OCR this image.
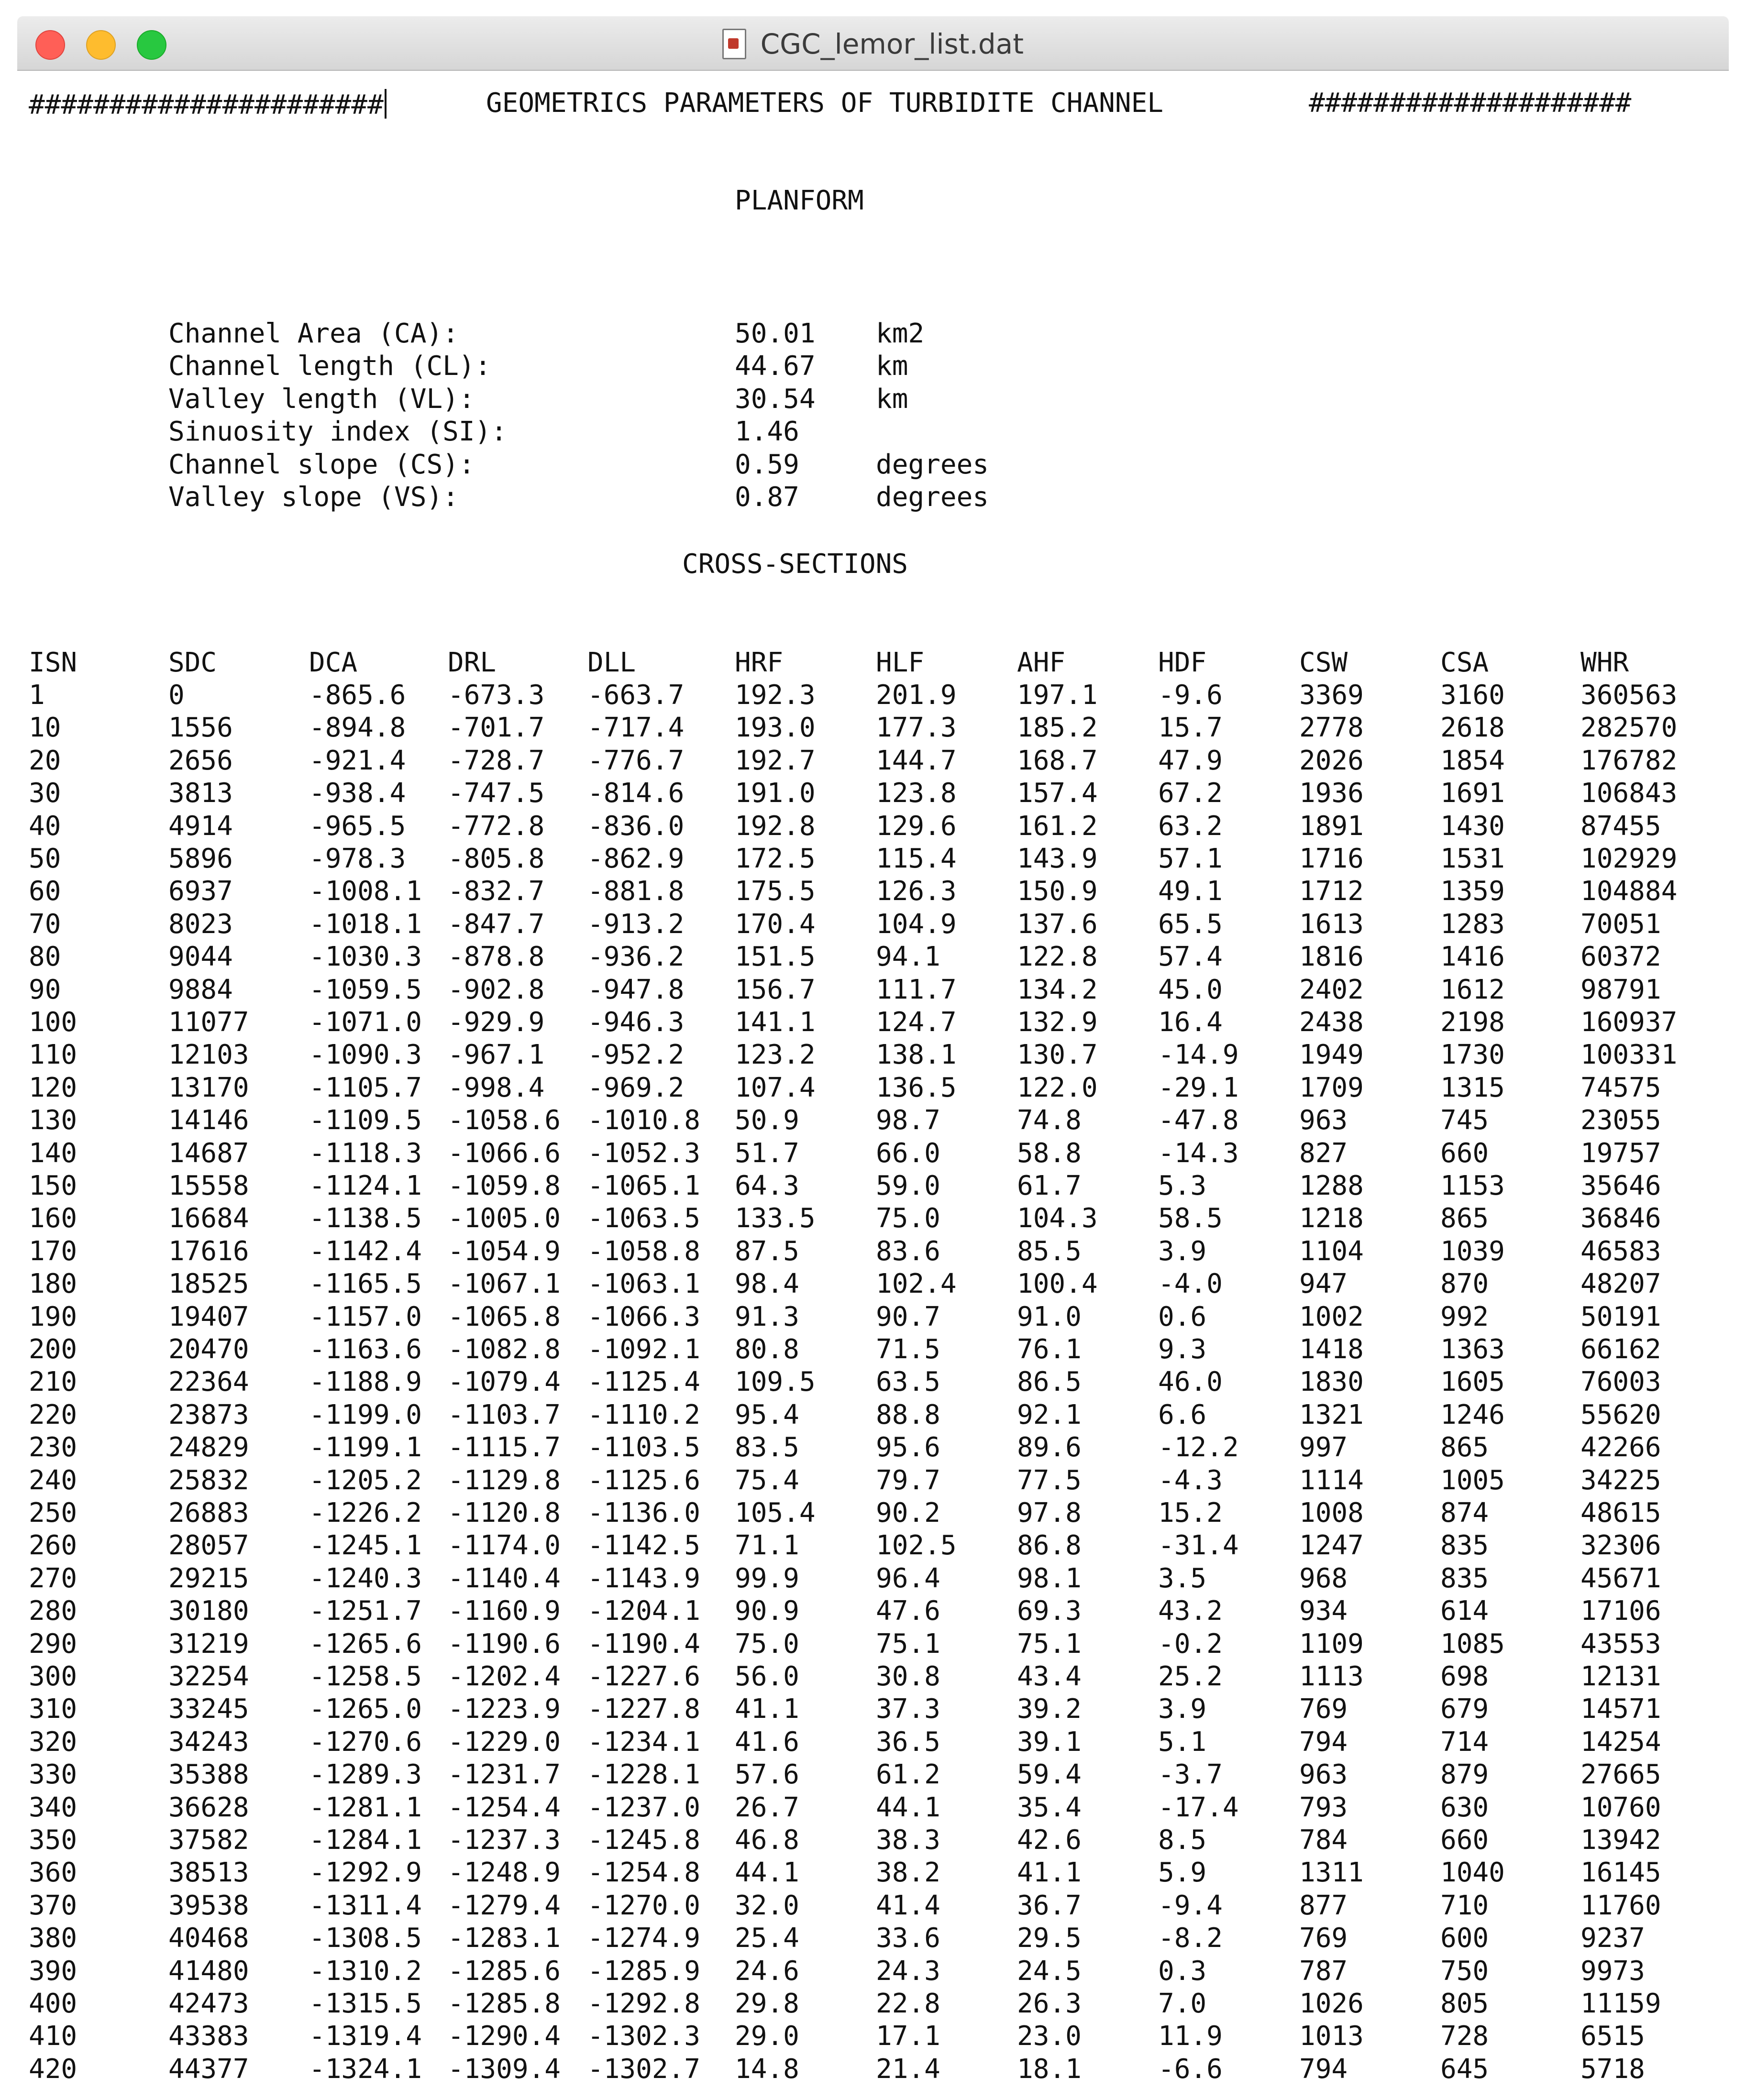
CGC_lemor_list.dat
######################	GEOMETRICS PARAMETERS OF TURBIDITE CHANNEL	####################
PLANFORM
Channel Area (CA):	50.01 km2
Channel length (CL):	44.67 km
Valley length (VL):	30.54 km
Sinuosity index (SI):	1.46
Channel slope (CS):	0.59	degrees
Valley slope (VS):	0.87	degrees
CROSS-SECTIONS
ISN	SDC	DCA	DRL	DLL	HRF	HLF	AHF	HDF	CSW	CSA	WHR
1	0	-865.6 -673.3 -663.7 192.3 201.9 197.1 -9.6	3369	3160	360563
10	1556	-894.8 -701.7 -717.4 193.0 177.3 185.2 15.7	2778	2618	282570
20	2656	-921.4 -728.7 -776.7 192.7 144.7 168.7 47.9	2026	1854	176782
30	3813	-938.4 -747.5 -814.6 191.0 123.8 157.4 67.2	1936	1691	106843
40	4914	-965.5 -772.8 -836.0 192.8 129.6 161.2 63.2	1891	1430	87455
50	5896	-978.3 -805.8 -862.9 172.5 115.4 143.9 57.1	1716	1531	102929
60	6937	-1008.1 -832.7 -881.8 175.5 126.3 150.9 49.1	1712	1359	104884
70	8023	-1018.1 -847.7 -913.2 170.4 104.9 137.6 65.5	1613	1283	70051
80	9044	-1030.3 -878.8 -936.2 151.5 94.1	122.8 57.4	1816	1416	60372
90	9884	-1059.5 -902.8 -947.8 156.7 111.7 134.2 45.0	2402	1612	98791
100	11077 -1071.0 -929.9 -946.3 141.1 124.7 132.9 16.4	2438	2198	160937
110	12103 -1090.3 -967.1 -952.2 123.2 138.1 130.7 -14.9 1949	1730	100331
120	13170 -1105.7 -998.4 -969.2 107.4 136.5 122.0 -29.1 1709	1315	74575
130	14146 -1109.5 -1058.6 -1010.8 50.9	98.7	74.8	-47.8 963	745	23055
140	14687 -1118.3 -1066.6 -1052.3 51.7	66.0	58.8	-14.3 827	660	19757
150	15558 -1124.1 -1059.8 -1065.1 64.3	59.0	61.7	5.3	1288	1153	35646
160	16684 -1138.5 -1005.0 -1063.5 133.5 75.0	104.3 58.5	1218	865	36846
170	17616 -1142.4 -1054.9 -1058.8 87.5	83.6	85.5	3.9	1104	1039	46583
180	18525 -1165.5 -1067.1 -1063.1 98.4	102.4 100.4 -4.0	947	870	48207
190	19407 -1157.0 -1065.8 -1066.3 91.3	90.7	91.0	0.6	1002	992	50191
200	20470 -1163.6 -1082.8 -1092.1 80.8	71.5	76.1	9.3	1418	1363	66162
210	22364 -1188.9 -1079.4 -1125.4 109.5 63.5	86.5	46.0	1830	1605	76003
220	23873 -1199.0 -1103.7 -1110.2 95.4	88.8	92.1	6.6	1321	1246	55620
230	24829 -1199.1 -1115.7 -1103.5 83.5	95.6	89.6	-12.2 997	865	42266
240	25832 -1205.2 -1129.8 -1125.6 75.4	79.7	77.5	-4.3	1114	1005	34225
250	26883 -1226.2 -1120.8 -1136.0 105.4 90.2	97.8	15.2	1008	874	48615
260	28057 -1245.1 -1174.0 -1142.5 71.1	102.5 86.8	-31.4 1247	835	32306
270	29215 -1240.3 -1140.4 -1143.9 99.9	96.4	98.1	3.5	968	835	45671
280	30180 -1251.7 -1160.9 -1204.1 90.9	47.6	69.3	43.2	934	614	17106
290	31219 -1265.6 -1190.6 -1190.4 75.0	75.1	75.1	-0.2	1109	1085	43553
300	32254 -1258.5 -1202.4 -1227.6 56.0	30.8	43.4	25.2	1113	698	12131
310	33245 -1265.0 -1223.9 -1227.8 41.1	37.3	39.2	3.9	769	679	14571
320	34243 -1270.6 -1229.0 -1234.1 41.6	36.5	39.1	5.1	794	714	14254
330	35388 -1289.3 -1231.7 -1228.1 57.6	61.2	59.4	-3.7	963	879	27665
340	36628 -1281.1 -1254.4 -1237.0 26.7	44.1	35.4	-17.4 793	630	10760
350	37582 -1284.1 -1237.3 -1245.8 46.8	38.3	42.6	8.5	784	660	13942
360	38513 -1292.9 -1248.9 -1254.8 44.1	38.2	41.1	5.9	1311	1040	16145
370	39538 -1311.4 -1279.4 -1270.0 32.0	41.4	36.7	-9.4	877	710	11760
380	40468 -1308.5 -1283.1 -1274.9 25.4	33.6	29.5	-8.2	769	600	9237
390	41480 -1310.2 -1285.6 -1285.9 24.6	24.3	24.5	0.3	787	750	9973
400	42473 -1315.5 -1285.8 -1292.8 29.8	22.8	26.3	7.0	1026	805	11159
410	43383 -1319.4 -1290.4 -1302.3 29.0	17.1	23.0	11.9	1013	728	6515
420	44377 -1324.1 -1309.4 -1302.7 14.8	21.4	18.1	-6.6	794	645	5718
